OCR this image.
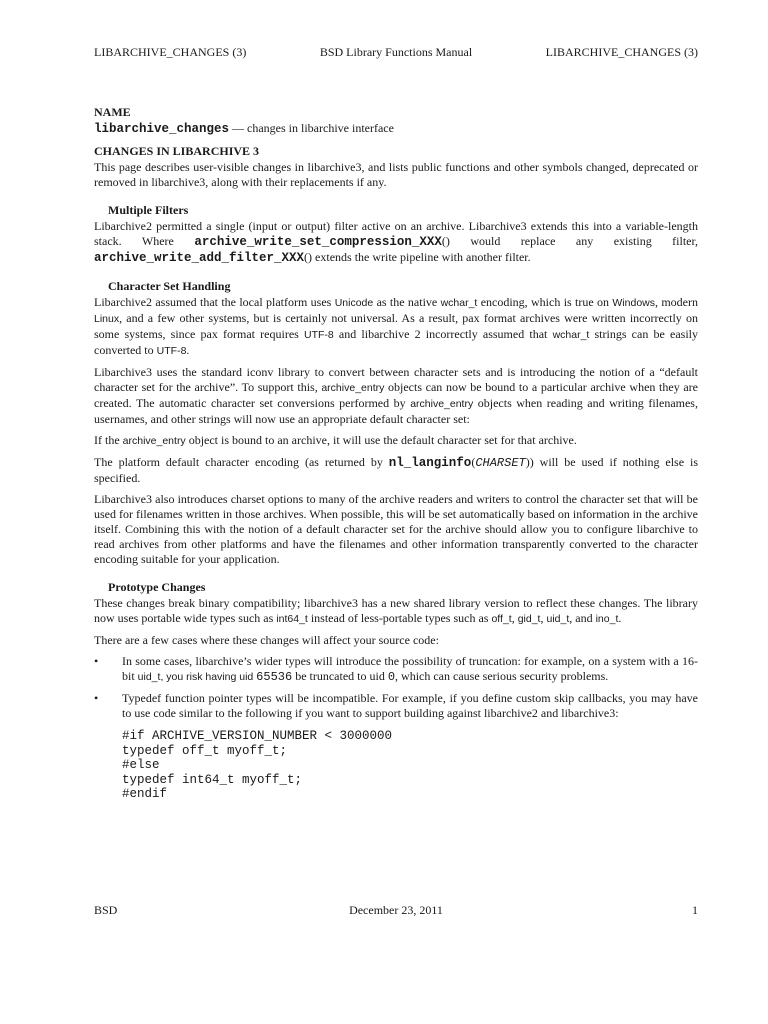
LIBARCHIVE_CHANGES (3)	BSD Library Functions Manual	LIBARCHIVE_CHANGES (3)

NAME

libarchive_changes — changes in libarchive interface

CHANGES IN LIBARCHIVE 3

This page describes user-visible changes in libarchive3, and lists public functions and other symbols changed, deprecated or removed in libarchive3, along with their replacements if any.

Multiple Filters

Libarchive2 permitted a single (input or output) filter active on an archive. Libarchive3 extends this into a variable-length stack. Where archive_write_set_compression_XXX() would replace any existing filter, archive_write_add_filter_XXX() extends the write pipeline with another filter.

Character Set Handling

Libarchive2 assumed that the local platform uses Unicode as the native wchar_t encoding, which is true on Windows, modern Linux, and a few other systems, but is certainly not universal. As a result, pax format archives were written incorrectly on some systems, since pax format requires UTF-8 and libarchive 2 incorrectly assumed that wchar_t strings can be easily converted to UTF-8.

Libarchive3 uses the standard iconv library to convert between character sets and is introducing the notion of a “default character set for the archive”. To support this, archive_entry objects can now be bound to a particular archive when they are created. The automatic character set conversions performed by archive_entry objects when reading and writing filenames, usernames, and other strings will now use an appropriate default character set:

If the archive_entry object is bound to an archive, it will use the default character set for that archive.

The platform default character encoding (as returned by nl_langinfo(CHARSET)) will be used if nothing else is specified.

Libarchive3 also introduces charset options to many of the archive readers and writers to control the character set that will be used for filenames written in those archives. When possible, this will be set automatically based on information in the archive itself. Combining this with the notion of a default character set for the archive should allow you to configure libarchive to read archives from other platforms and have the filenames and other information transparently converted to the character encoding suitable for your application.

Prototype Changes

These changes break binary compatibility; libarchive3 has a new shared library version to reflect these changes. The library now uses portable wide types such as int64_t instead of less-portable types such as off_t, gid_t, uid_t, and ino_t.

There are a few cases where these changes will affect your source code:

• In some cases, libarchive’s wider types will introduce the possibility of truncation: for example, on a system with a 16-bit uid_t, you risk having uid 65536 be truncated to uid 0, which can cause serious security problems.
• Typedef function pointer types will be incompatible. For example, if you define custom skip callbacks, you may have to use code similar to the following if you want to support building against libarchive2 and libarchive3:
#if ARCHIVE_VERSION_NUMBER < 3000000
typedef off_t myoff_t;
#else
typedef int64_t myoff_t;
#endif
BSD	December 23, 2011	1
